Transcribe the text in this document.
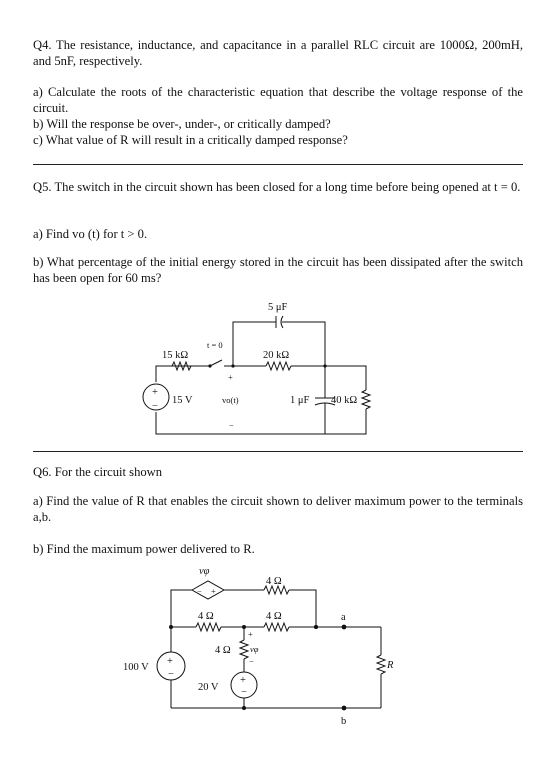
Q4. The resistance, inductance, and capacitance in a parallel RLC circuit are 1000Ω, 200mH, and 5nF, respectively.

a) Calculate the roots of the characteristic equation that describe the voltage response of the circuit.

b) Will the response be over-, under-, or critically damped?

c) What value of R will result in a critically damped response?

Q5. The switch in the circuit shown has been closed for a long time before being opened at t = 0.

a) Find vo (t) for t > 0.

b) What percentage of the initial energy stored in the circuit has been dissipated after the switch has been open for 60 ms?

+
−
5 μF
t = 0
15 kΩ	20 kΩ
15 V
+
vo(t)
−
1 μF 40 kΩ

Q6. For the circuit shown

a) Find the value of R that enables the circuit shown to deliver maximum power to the terminals a,b.

b) Find the maximum power delivered to R.

− +
+
−
+
−
vφ
4 Ω
4 Ω	4 Ω
4 Ω
+
vφ
−
100 V
20 V
a
b
R
